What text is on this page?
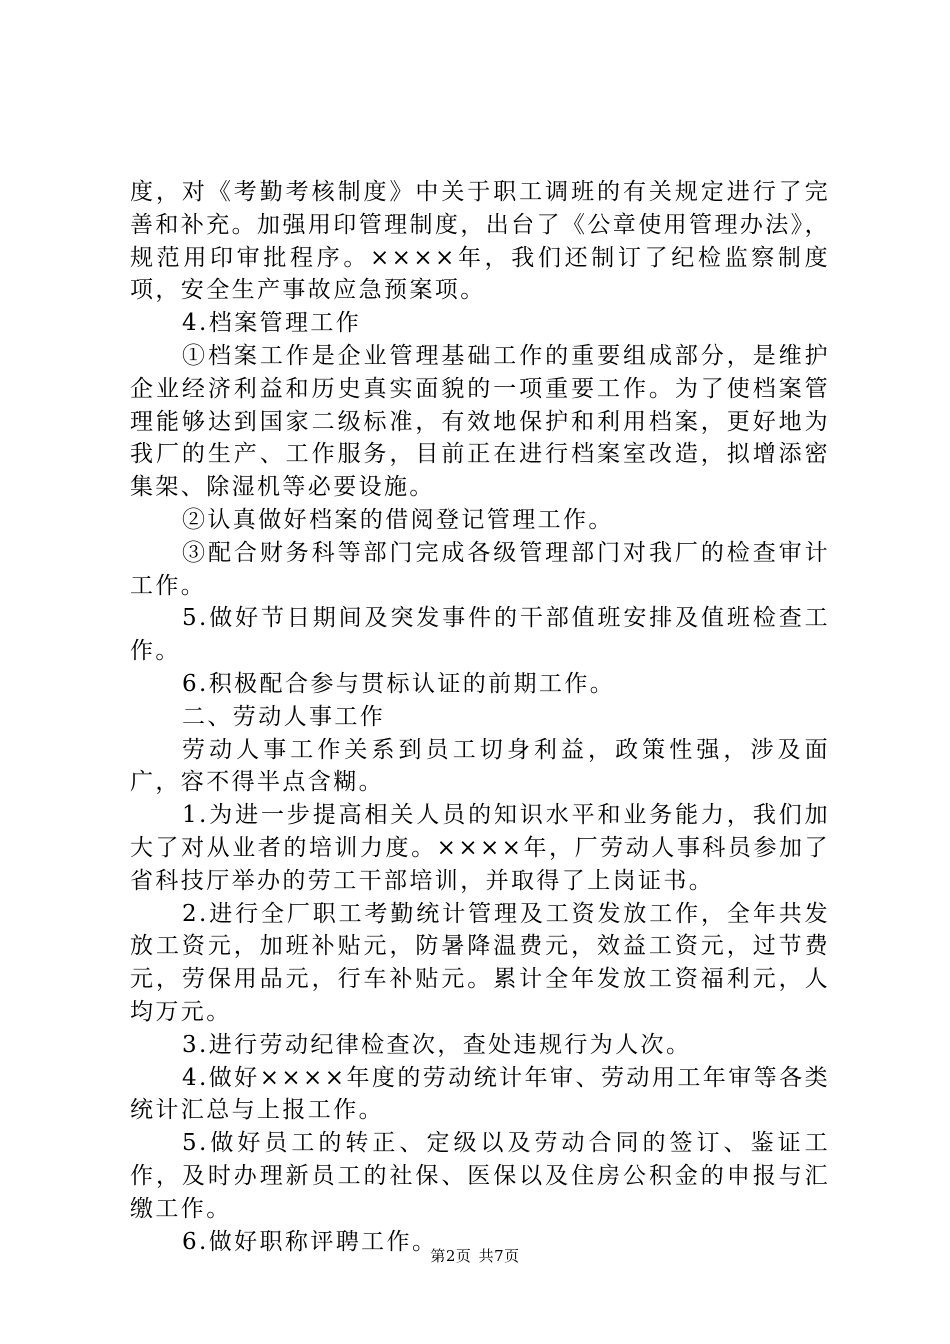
度，对《考勤考核制度》中关于职工调班的有关规定进行了完善和补充。加强用印管理制度，出台了《公章使用管理办法》，规范用印审批程序。××××年，我们还制订了纪检监察制度项，安全生产事故应急预案项。

4.档案管理工作

①档案工作是企业管理基础工作的重要组成部分，是维护企业经济利益和历史真实面貌的一项重要工作。为了使档案管理能够达到国家二级标准，有效地保护和利用档案，更好地为我厂的生产、工作服务，目前正在进行档案室改造，拟增添密集架、除湿机等必要设施。

②认真做好档案的借阅登记管理工作。

③配合财务科等部门完成各级管理部门对我厂的检查审计工作。

5.做好节日期间及突发事件的干部值班安排及值班检查工作。

6.积极配合参与贯标认证的前期工作。

二、劳动人事工作

劳动人事工作关系到员工切身利益，政策性强，涉及面广，容不得半点含糊。

1.为进一步提高相关人员的知识水平和业务能力，我们加大了对从业者的培训力度。××××年，厂劳动人事科员参加了省科技厅举办的劳工干部培训，并取得了上岗证书。

2.进行全厂职工考勤统计管理及工资发放工作，全年共发放工资元，加班补贴元，防暑降温费元，效益工资元，过节费元，劳保用品元，行车补贴元。累计全年发放工资福利元，人均万元。

3.进行劳动纪律检查次，查处违规行为人次。

4.做好××××年度的劳动统计年审、劳动用工年审等各类统计汇总与上报工作。

5.做好员工的转正、定级以及劳动合同的签订、鉴证工作，及时办理新员工的社保、医保以及住房公积金的申报与汇缴工作。

6.做好职称评聘工作。

第2页 共7页
